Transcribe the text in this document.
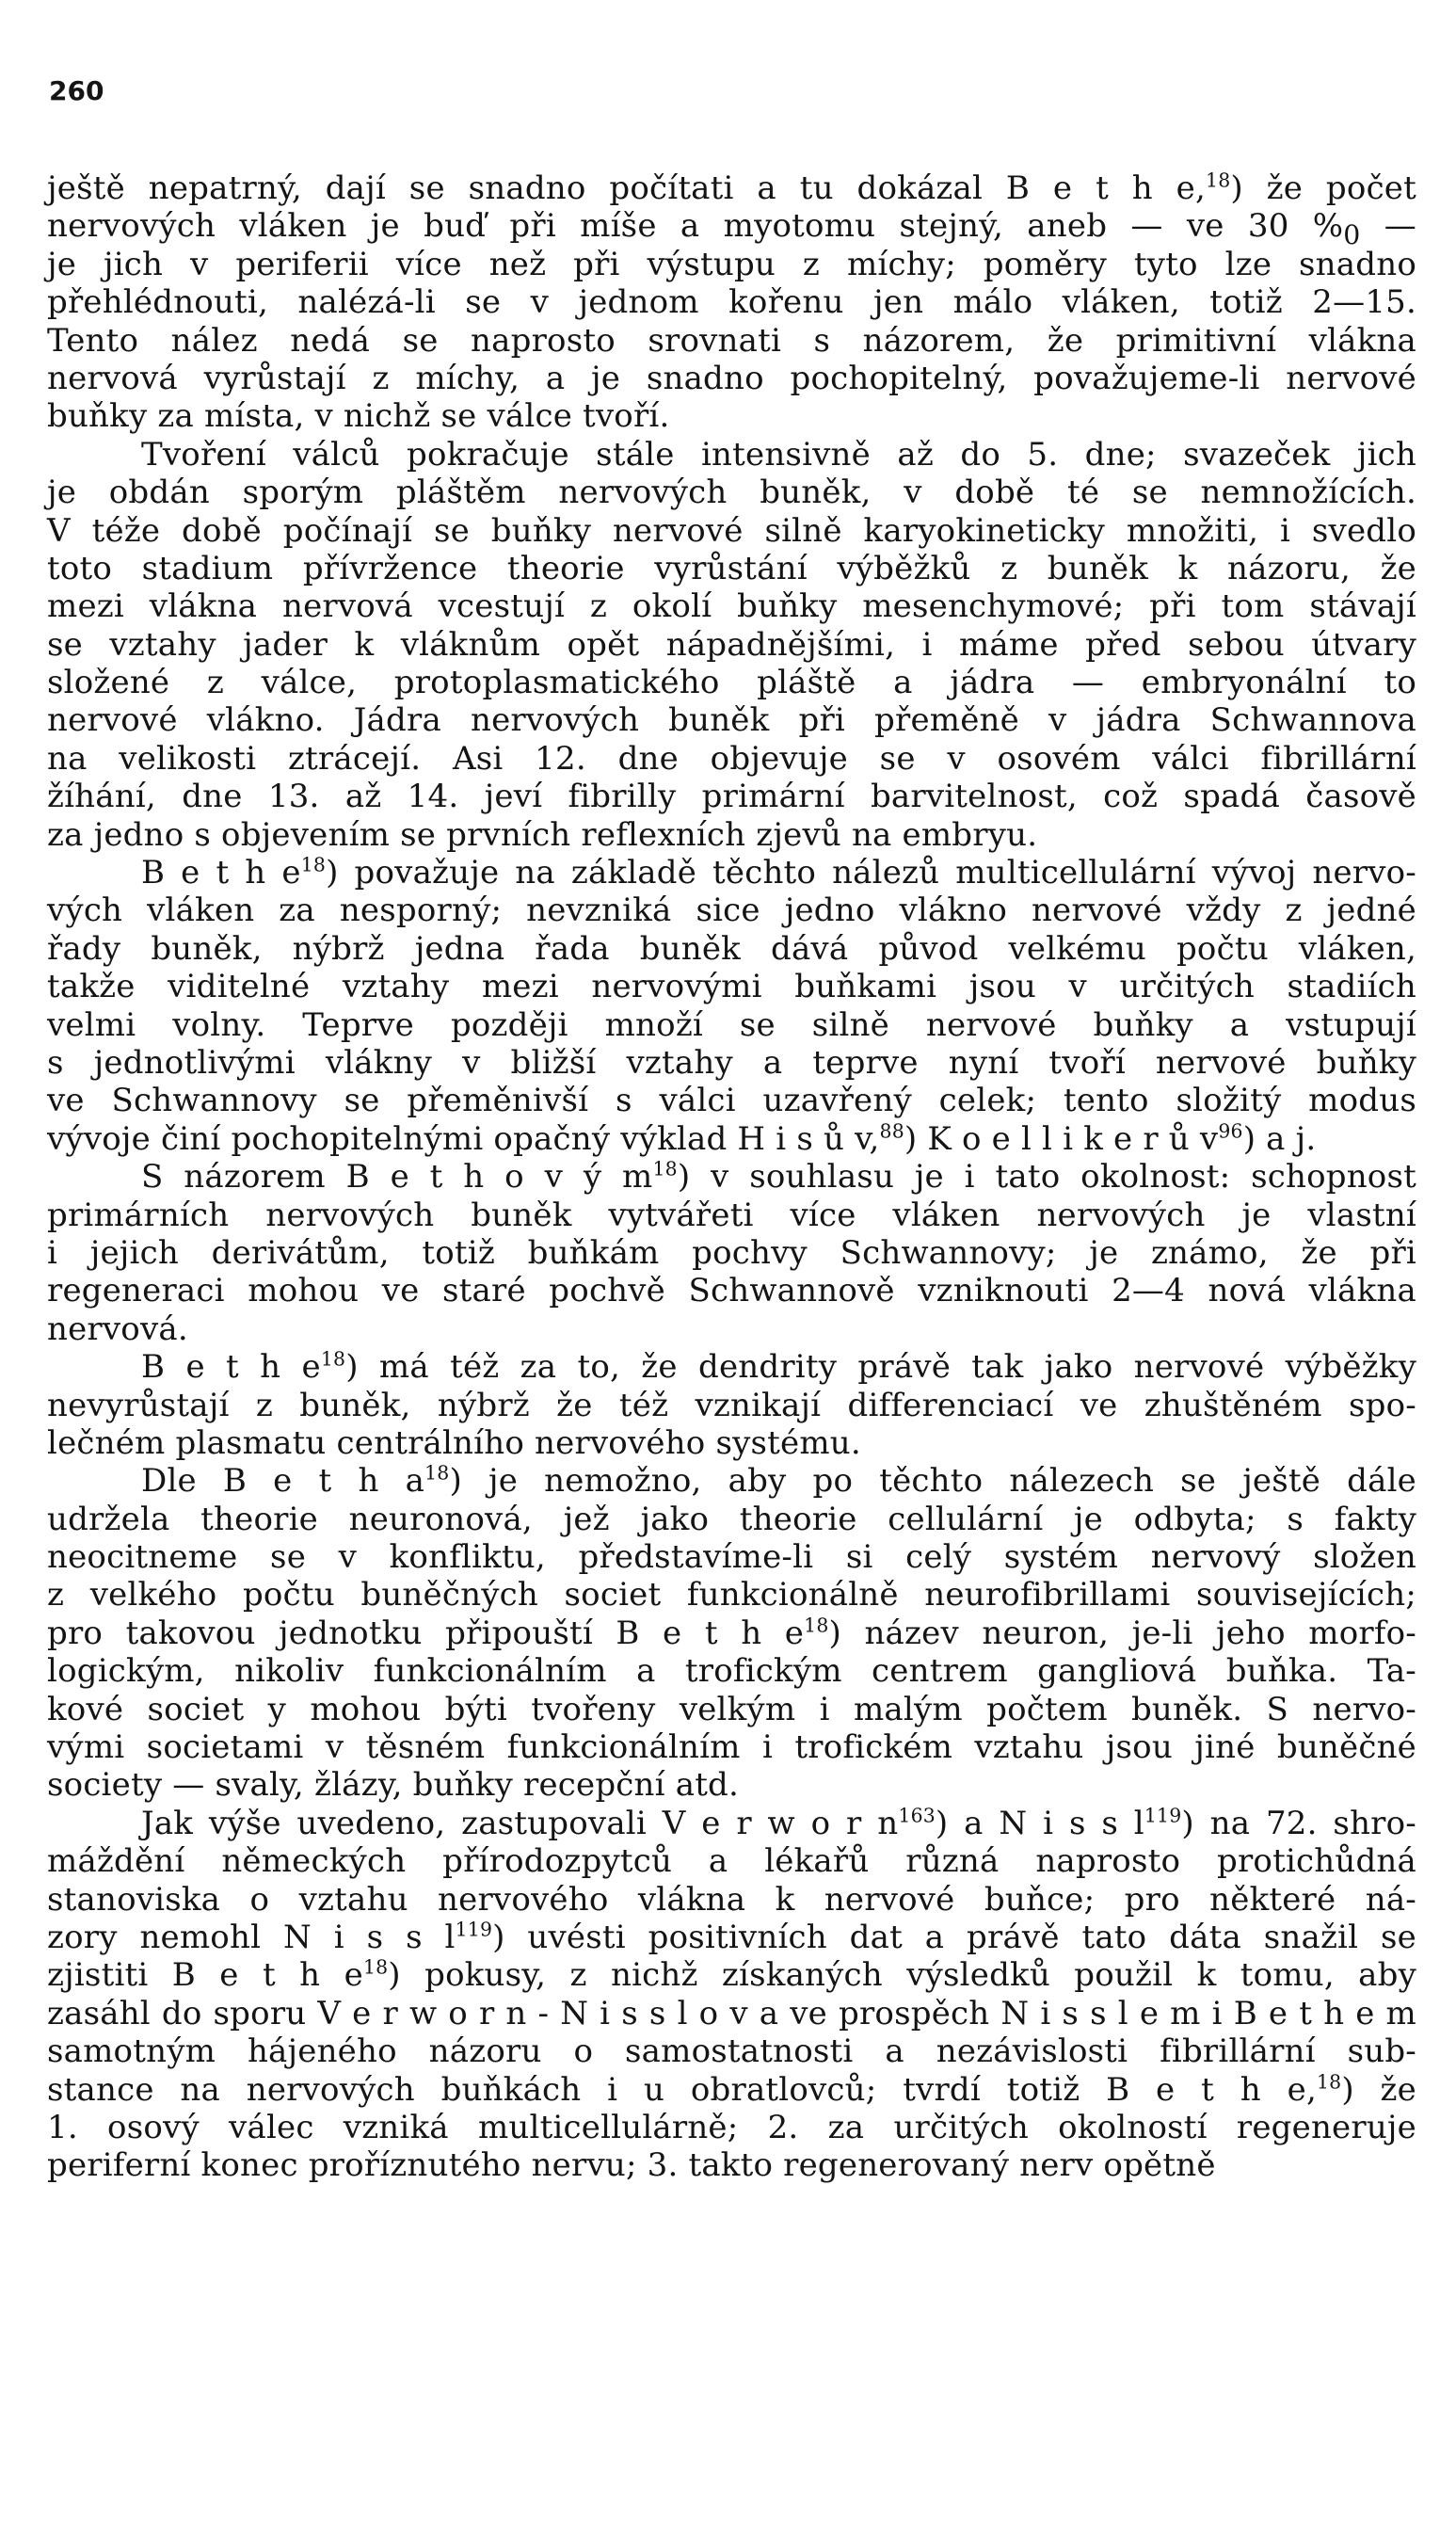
260
ještě nepatrný, dají se snadno počítati a tu dokázal B e t h e,$^{18}$) že počet
nervových vláken je buď při míše a myotomu stejný, aneb — ve 30 $\%_0$ —
je jich v periferii více než při výstupu z míchy; poměry tyto lze snadno
přehlédnouti, nalézá-li se v jednom kořenu jen málo vláken, totiž 2—15.
Tento nález nedá se naprosto srovnati s názorem, že primitivní vlákna
nervová vyrůstají z míchy, a je snadno pochopitelný, považujeme-li nervové
buňky za místa, v nichž se válce tvoří.
Tvoření válců pokračuje stále intensivně až do 5. dne; svazeček jich
je obdán sporým pláštěm nervových buněk, v době té se nemnožících.
V téže době počínají se buňky nervové silně karyokineticky množiti, i svedlo
toto stadium přívržence theorie vyrůstání výběžků z buněk k názoru, že
mezi vlákna nervová vcestují z okolí buňky mesenchymové; při tom stávají
se vztahy jader k vláknům opět nápadnějšími, i máme před sebou útvary
složené z válce, protoplasmatického pláště a jádra — embryonální to
nervové vlákno. Jádra nervových buněk při přeměně v jádra Schwannova
na velikosti ztrácejí. Asi 12. dne objevuje se v osovém válci fibrillární
žíhání, dne 13. až 14. jeví fibrilly primární barvitelnost, což spadá časově
za jedno s objevením se prvních reflexních zjevů na embryu.
B e t h $e^{18}$) považuje na základě těchto nálezů multicellulární vývoj nervo-
vých vláken za nesporný; nevzniká sice jedno vlákno nervové vždy z jedné
řady buněk, nýbrž jedna řada buněk dává původ velkému počtu vláken,
takže viditelné vztahy mezi nervovými buňkami jsou v určitých stadiích
velmi volny. Teprve později množí se silně nervové buňky a vstupují
s jednotlivými vlákny v bližší vztahy a teprve nyní tvoří nervové buňky
ve Schwannovy se přeměnivší s válci uzavřený celek; tento složitý modus
vývoje činí pochopitelnými opačný výklad H i s ů v,$^{88}$) K o e l l i k e r ů $v^{96}$) a j.
S názorem B e t h o v ý $m^{18}$) v souhlasu je i tato okolnost: schopnost
primárních nervových buněk vytvářeti více vláken nervových je vlastní
i jejich derivátům, totiž buňkám pochvy Schwannovy; je známo, že při
regeneraci mohou ve staré pochvě Schwannově vzniknouti 2—4 nová vlákna
nervová.
B e t h $e^{18}$) má též za to, že dendrity právě tak jako nervové výběžky
nevyrůstají z buněk, nýbrž že též vznikají differenciací ve zhuštěném spo-
lečném plasmatu centrálního nervového systému.
Dle B e t h $a^{18}$) je nemožno, aby po těchto nálezech se ještě dále
udržela theorie neuronová, jež jako theorie cellulární je odbyta; s fakty
neocitneme se v konfliktu, představíme-li si celý systém nervový složen
z velkého počtu buněčných societ funkcionálně neurofibrillami souvisejících;
pro takovou jednotku připouští B e t h $e^{18}$) název neuron, je-li jeho morfo-
logickým, nikoliv funkcionálním a trofickým centrem gangliová buňka. Ta-
kové societ y mohou býti tvořeny velkým i malým počtem buněk. S nervo-
vými societami v těsném funkcionálním i trofickém vztahu jsou jiné buněčné
society — svaly, žlázy, buňky recepční atd.
Jak výše uvedeno, zastupovali V e r w o r $n^{163}$) a N i s s $l^{119}$) na 72. shro-
máždění německých přírodozpytců a lékařů různá naprosto protichůdná
stanoviska o vztahu nervového vlákna k nervové buňce; pro některé ná-
zory nemohl N i s s $l^{119}$) uvésti positivních dat a právě tato dáta snažil se
zjistiti B e t h $e^{18}$) pokusy, z nichž získaných výsledků použil k tomu, aby
zasáhl do sporu V e r w o r n - N i s s l o v a ve prospěch N i s s l e m i B e t h e m
samotným háјeného názoru o samostatnosti a nezávislosti fibrillární sub-
stance na nervových buňkách i u obratlovců; tvrdí totiž B e t h e,$^{18}$) že
1. osový válec vzniká multicellulárně; 2. za určitých okolností regeneruje
periferní konec proříznutého nervu; 3. takto regenerovaný nerv opětně
